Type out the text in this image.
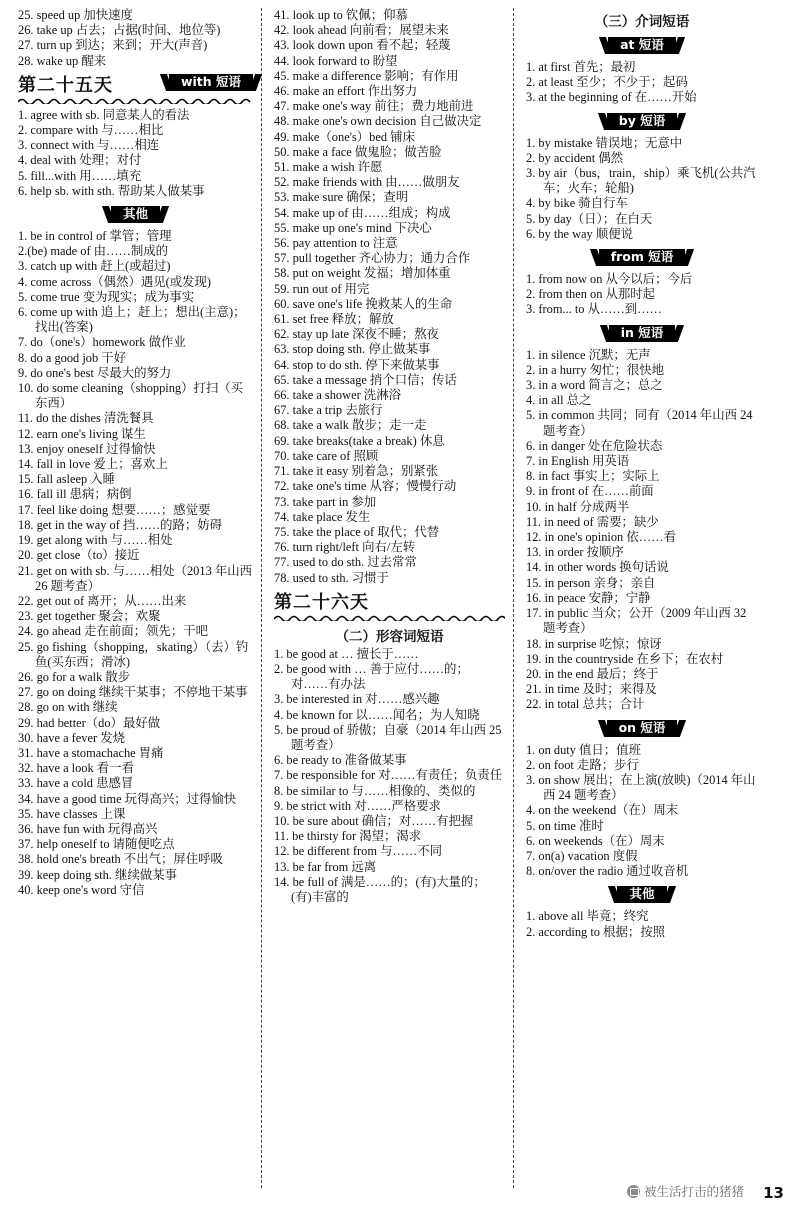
25. speed up 加快速度
26. take up 占去；占据(时间、地位等)
27. turn up 到达；来到；开大(声音)
28. wake up 醒来
第二十五天	with 短语
1. agree with sb. 同意某人的看法
2. compare with 与……相比
3. connect with 与……相连
4. deal with 处理；对付
5. fill...with 用……填充
6. help sb. with sth. 帮助某人做某事
其他
1. be in control of 掌管；管理
2.(be) made of 由……制成的
3. catch up with 赶上(或超过)
4. come across（偶然）遇见(或发现)
5. come true 变为现实；成为事实
6. come up with 追上；赶上；想出(主意)；找出(答案)
7. do（one's）homework 做作业
8. do a good job 干好
9. do one's best 尽最大的努力
10. do some cleaning（shopping）打扫（买东西）
11. do the dishes 清洗餐具
12. earn one's living 谋生
13. enjoy oneself 过得愉快
14. fall in love 爱上；喜欢上
15. fall asleep 入睡
16. fall ill 患病；病倒
17. feel like doing 想要……；感觉要
18. get in the way of 挡……的路；妨碍
19. get along with 与……相处
20. get close（to）接近
21. get on with sb. 与……相处（2013 年山西 26 题考查）
22. get out of 离开；从……出来
23. get together 聚会；欢聚
24. go ahead 走在前面；领先；干吧
25. go fishing（shopping，skating）（去）钓鱼(买东西；滑冰)
26. go for a walk 散步
27. go on doing 继续干某事；不停地干某事
28. go on with 继续
29. had better（do）最好做
30. have a fever 发烧
31. have a stomachache 胃痛
32. have a look 看一看
33. have a cold 患感冒
34. have a good time 玩得高兴；过得愉快
35. have classes 上课
36. have fun with 玩得高兴
37. help oneself to 请随便吃点
38. hold one's breath 不出气；屏住呼吸
39. keep doing sth. 继续做某事
40. keep one's word 守信
41. look up to 钦佩；仰慕
42. look ahead 向前看；展望未来
43. look down upon 看不起；轻蔑
44. look forward to 盼望
45. make a difference 影响；有作用
46. make an effort 作出努力
47. make one's way 前往；费力地前进
48. make one's own decision 自己做决定
49. make（one's）bed 铺床
50. make a face 做鬼脸；做苦脸
51. make a wish 许愿
52. make friends with 由……做朋友
53. make sure 确保；查明
54. make up of 由……组成；构成
55. make up one's mind 下决心
56. pay attention to 注意
57. pull together 齐心协力；通力合作
58. put on weight 发福；增加体重
59. run out of 用完
60. save one's life 挽救某人的生命
61. set free 释放；解放
62. stay up late 深夜不睡；熬夜
63. stop doing sth. 停止做某事
64. stop to do sth. 停下来做某事
65. take a message 捎个口信；传话
66. take a shower 洗淋浴
67. take a trip 去旅行
68. take a walk 散步；走一走
69. take breaks(take a break) 休息
70. take care of 照顾
71. take it easy 别着急；别紧张
72. take one's time 从容；慢慢行动
73. take part in 参加
74. take place 发生
75. take the place of 取代；代替
76. turn right/left 向右/左转
77. used to do sth. 过去常常
78. used to sth. 习惯于
第二十六天
（二）形容词短语
1. be good at … 擅长于……
2. be good with … 善于应付……的；对……有办法
3. be interested in 对……感兴趣
4. be known for 以……闻名；为人知晓
5. be proud of 骄傲；自豪（2014 年山西 25 题考查）
6. be ready to 准备做某事
7. be responsible for 对……有责任；负责任
8. be similar to 与……相像的、类似的
9. be strict with 对……严格要求
10. be sure about 确信；对……有把握
11. be thirsty for 渴望；渴求
12. be different from 与……不同
13. be far from 远离
14. be full of 满是……的；(有)大量的；(有)丰富的
（三）介词短语
at 短语
1. at first 首先；最初
2. at least 至少；不少于；起码
3. at the beginning of 在……开始
by 短语
1. by mistake 错误地；无意中
2. by accident 偶然
3. by air（bus，train，ship）乘飞机(公共汽车；火车；轮船)
4. by bike 骑自行车
5. by day（日）；在白天
6. by the way 顺便说
from 短语
1. from now on 从今以后；今后
2. from then on 从那时起
3. from... to 从……到……
in 短语
1. in silence 沉默；无声
2. in a hurry 匆忙；很快地
3. in a word 简言之；总之
4. in all 总之
5. in common 共同；同有（2014 年山西 24 题考查）
6. in danger 处在危险状态
7. in English 用英语
8. in fact 事实上；实际上
9. in front of 在……前面
10. in half 分成两半
11. in need of 需要；缺少
12. in one's opinion 依……看
13. in order 按顺序
14. in other words 换句话说
15. in person 亲身；亲自
16. in peace 安静；宁静
17. in public 当众；公开（2009 年山西 32 题考查）
18. in surprise 吃惊；惊讶
19. in the countryside 在乡下；在农村
20. in the end 最后；终于
21. in time 及时；来得及
22. in total 总共；合计
on 短语
1. on duty 值日；值班
2. on foot 走路；步行
3. on show 展出；在上演(放映)（2014 年山西 24 题考查）
4. on the weekend（在）周末
5. on time 准时
6. on weekends（在）周末
7. on(a) vacation 度假
8. on/over the radio 通过收音机
其他
1. above all 毕竟；终究
2. according to 根据；按照
被生活打击的猪猪 13
